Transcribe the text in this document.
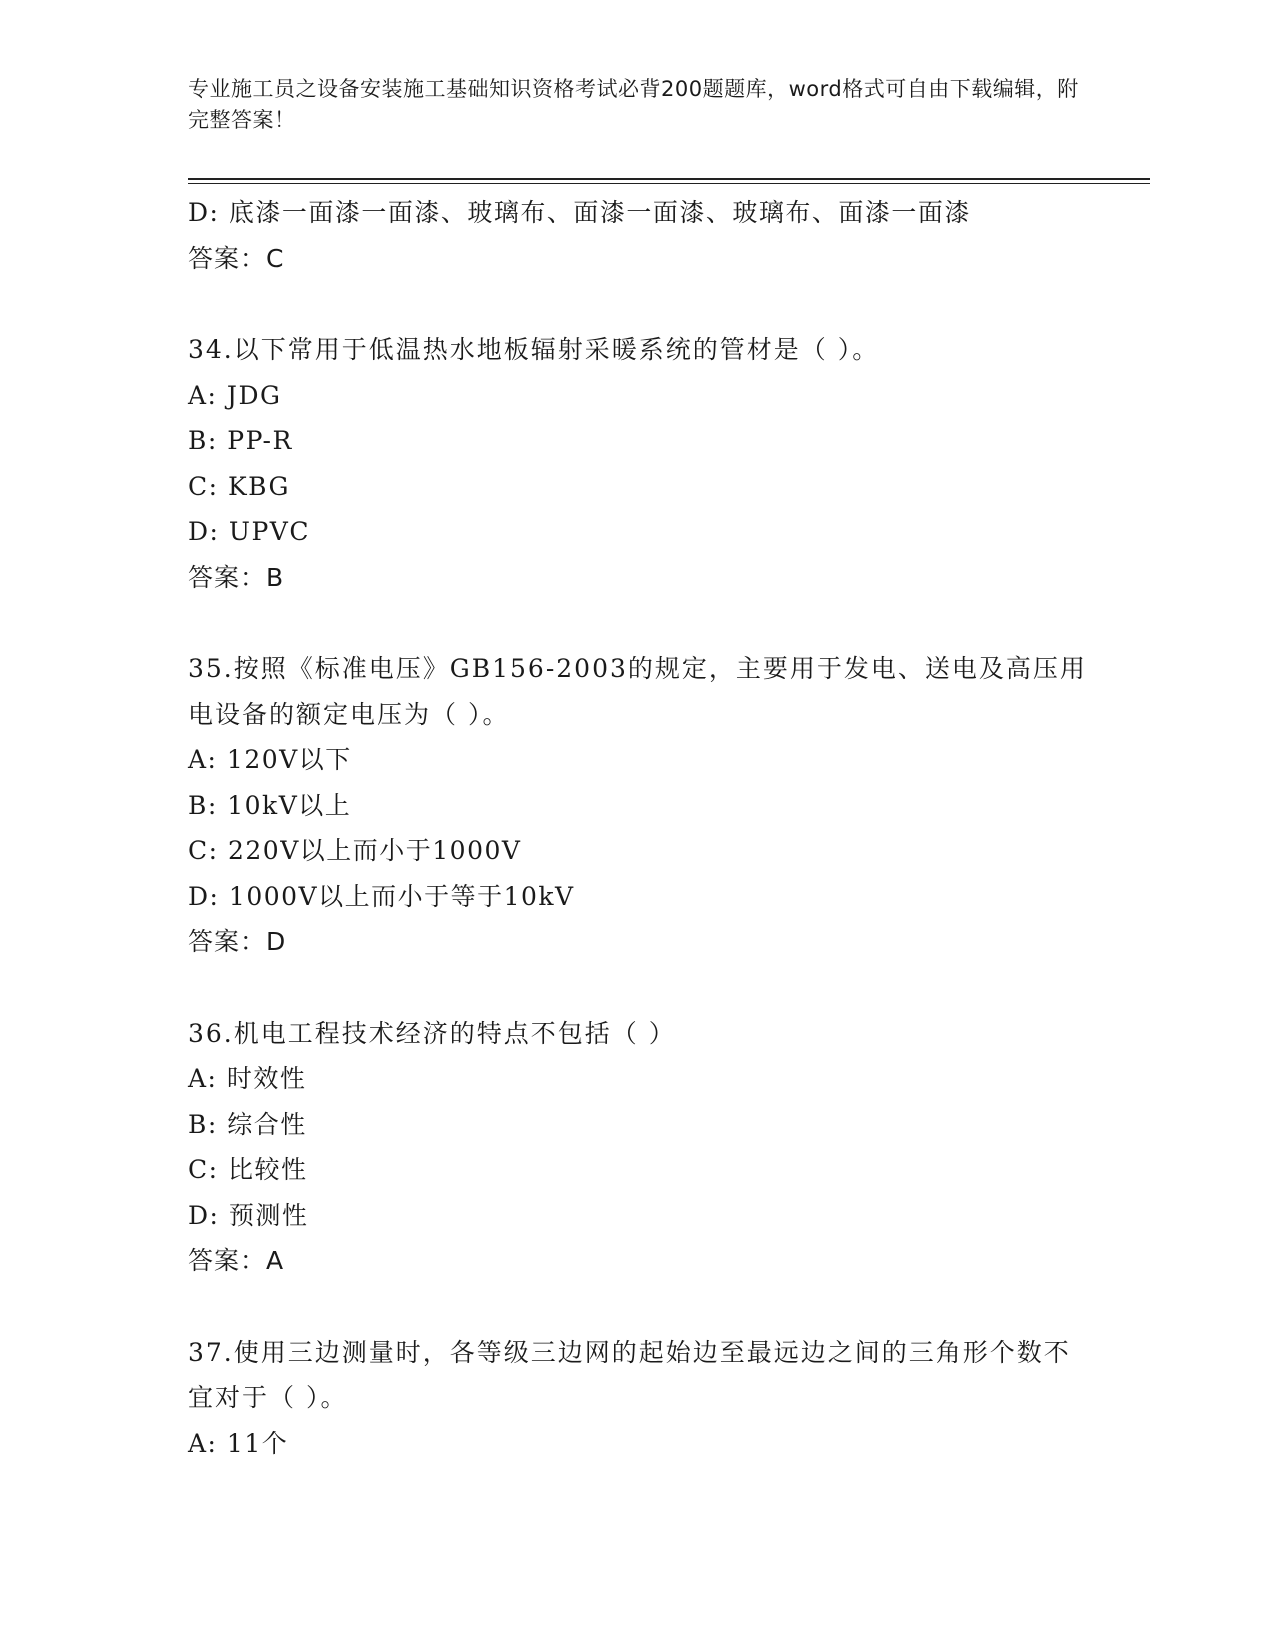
专业施工员之设备安装施工基础知识资格考试必背200题题库，word格式可自由下载编辑，附完整答案！
D: 底漆一面漆一面漆、玻璃布、面漆一面漆、玻璃布、面漆一面漆
答案：C
34.以下常用于低温热水地板辐射采暖系统的管材是（ ）。
A: JDG
B: PP-R
C: KBG
D: UPVC
答案：B
35.按照《标准电压》GB156-2003的规定，主要用于发电、送电及高压用电设备的额定电压为（ ）。
A: 120V以下
B: 10kV以上
C: 220V以上而小于1000V
D: 1000V以上而小于等于10kV
答案：D
36.机电工程技术经济的特点不包括（ ）
A: 时效性
B: 综合性
C: 比较性
D: 预测性
答案：A
37.使用三边测量时，各等级三边网的起始边至最远边之间的三角形个数不宜对于（ ）。
A: 11个
